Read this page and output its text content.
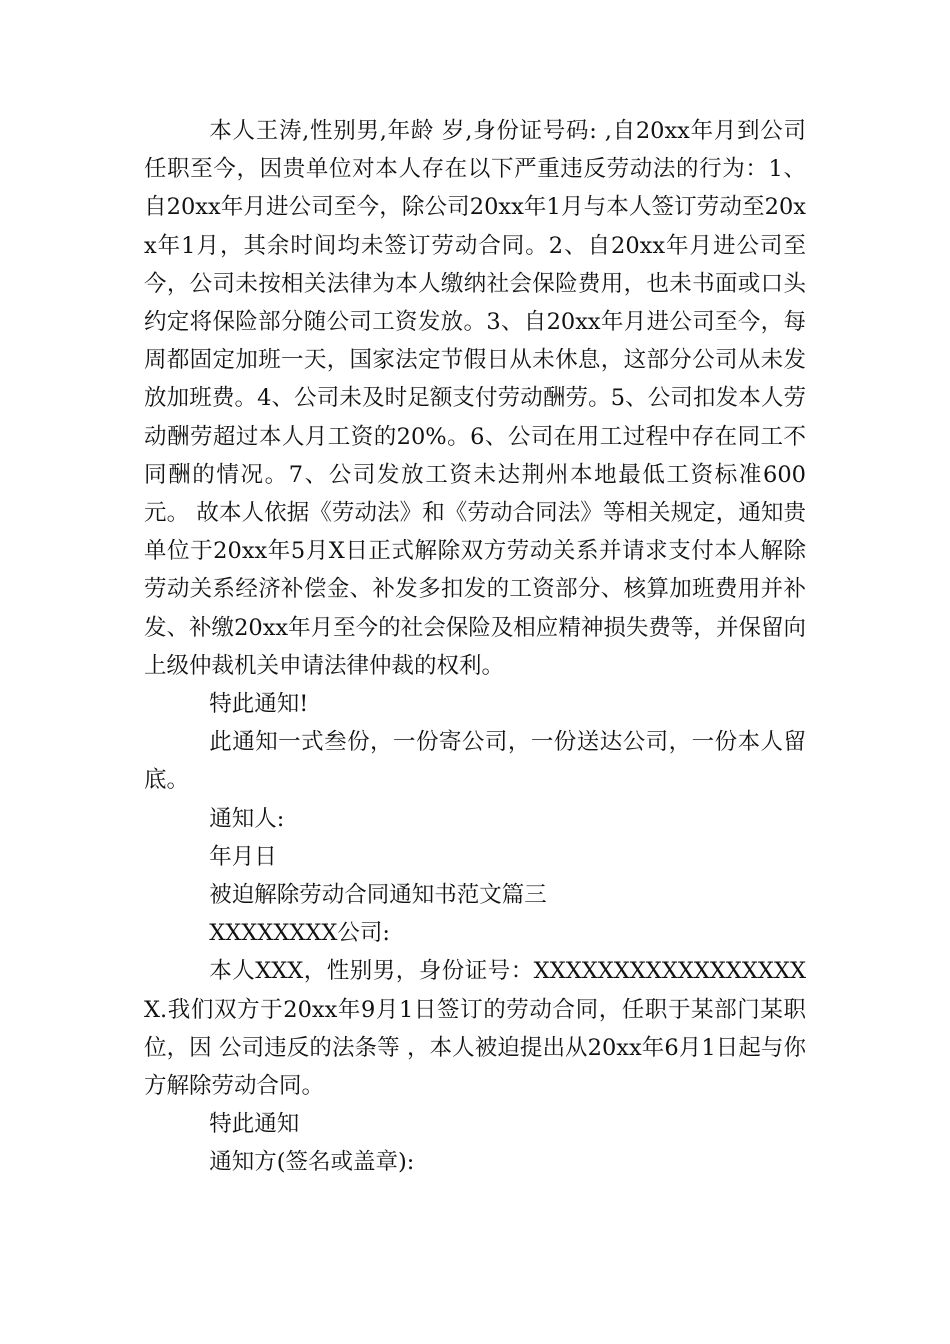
本人王涛,性别男,年龄 岁,身份证号码: ,自20xx年月到公司任职至今，因贵单位对本人存在以下严重违反劳动法的行为：1、自20xx年月进公司至今，除公司20xx年1月与本人签订劳动至20xx年1月，其余时间均未签订劳动合同。2、自20xx年月进公司至今，公司未按相关法律为本人缴纳社会保险费用，也未书面或口头约定将保险部分随公司工资发放。3、自20xx年月进公司至今，每周都固定加班一天，国家法定节假日从未休息，这部分公司从未发放加班费。4、公司未及时足额支付劳动酬劳。5、公司扣发本人劳动酬劳超过本人月工资的20%。6、公司在用工过程中存在同工不同酬的情况。7、公司发放工资未达荆州本地最低工资标准600元。 故本人依据《劳动法》和《劳动合同法》等相关规定，通知贵单位于20xx年5月X日正式解除双方劳动关系并请求支付本人解除劳动关系经济补偿金、补发多扣发的工资部分、核算加班费用并补发、补缴20xx年月至今的社会保险及相应精神损失费等，并保留向上级仲裁机关申请法律仲裁的权利。

特此通知!

此通知一式叁份，一份寄公司，一份送达公司，一份本人留底。

通知人:

年月日

被迫解除劳动合同通知书范文篇三

XXXXXXXX公司:

本人XXX，性别男，身份证号：XXXXXXXXXXXXXXXXXX.我们双方于20xx年9月1日签订的劳动合同，任职于某部门某职位，因 公司违反的法条等 ，本人被迫提出从20xx年6月1日起与你方解除劳动合同。

特此通知

通知方(签名或盖章):
